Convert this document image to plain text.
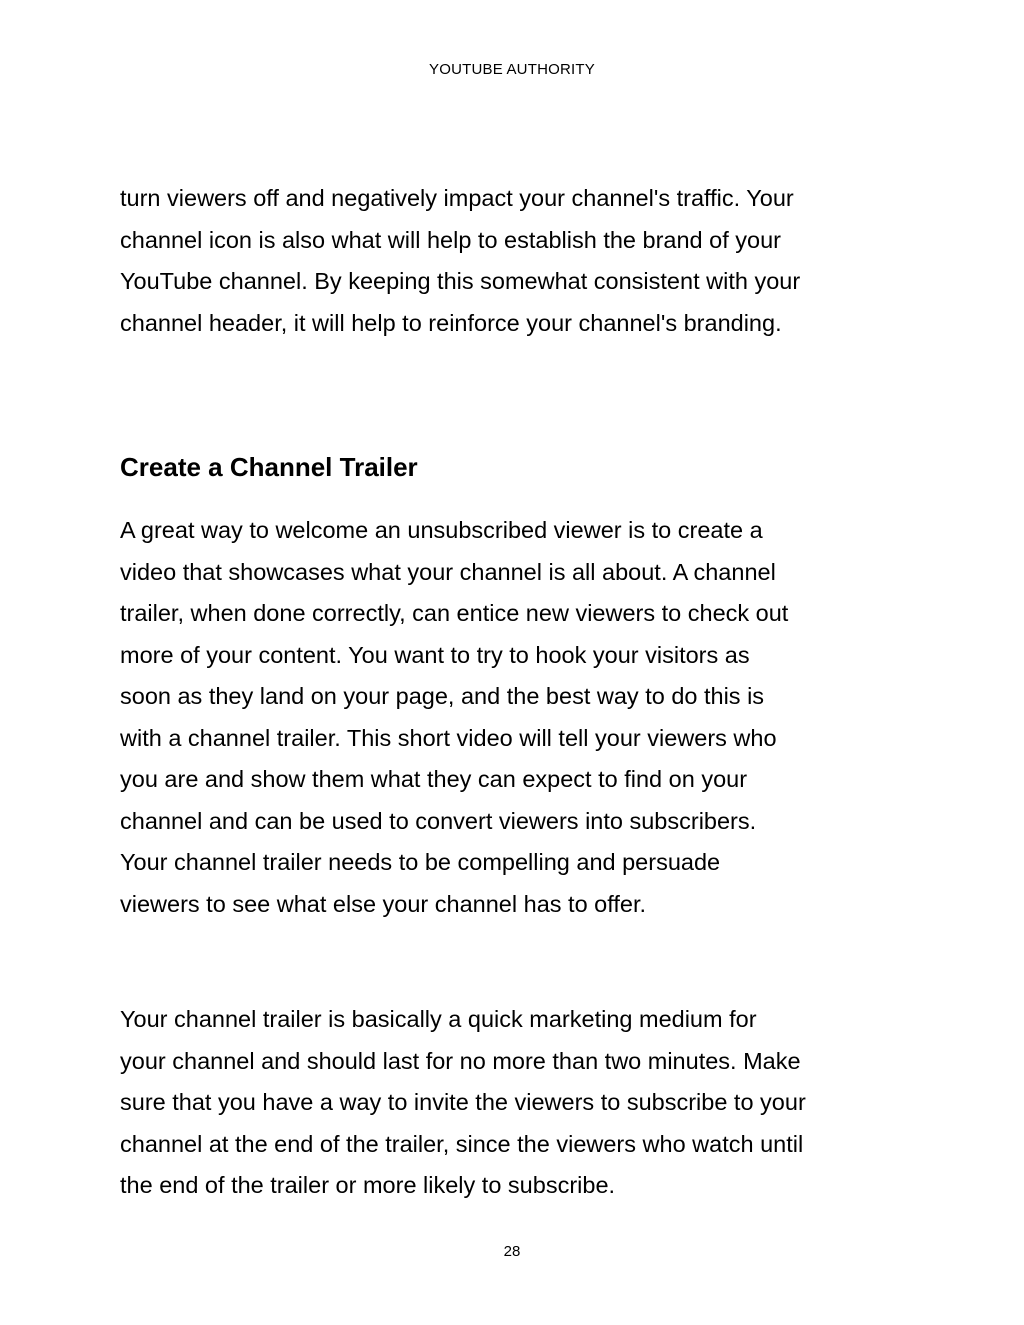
YOUTUBE AUTHORITY
turn viewers off and negatively impact your channel's traffic. Your
channel icon is also what will help to establish the brand of your
YouTube channel. By keeping this somewhat consistent with your
channel header, it will help to reinforce your channel's branding.
Create a Channel Trailer
A great way to welcome an unsubscribed viewer is to create a
video that showcases what your channel is all about. A channel
trailer, when done correctly, can entice new viewers to check out
more of your content. You want to try to hook your visitors as
soon as they land on your page, and the best way to do this is
with a channel trailer. This short video will tell your viewers who
you are and show them what they can expect to find on your
channel and can be used to convert viewers into subscribers.
Your channel trailer needs to be compelling and persuade
viewers to see what else your channel has to offer.
Your channel trailer is basically a quick marketing medium for
your channel and should last for no more than two minutes. Make
sure that you have a way to invite the viewers to subscribe to your
channel at the end of the trailer, since the viewers who watch until
the end of the trailer or more likely to subscribe.
28
